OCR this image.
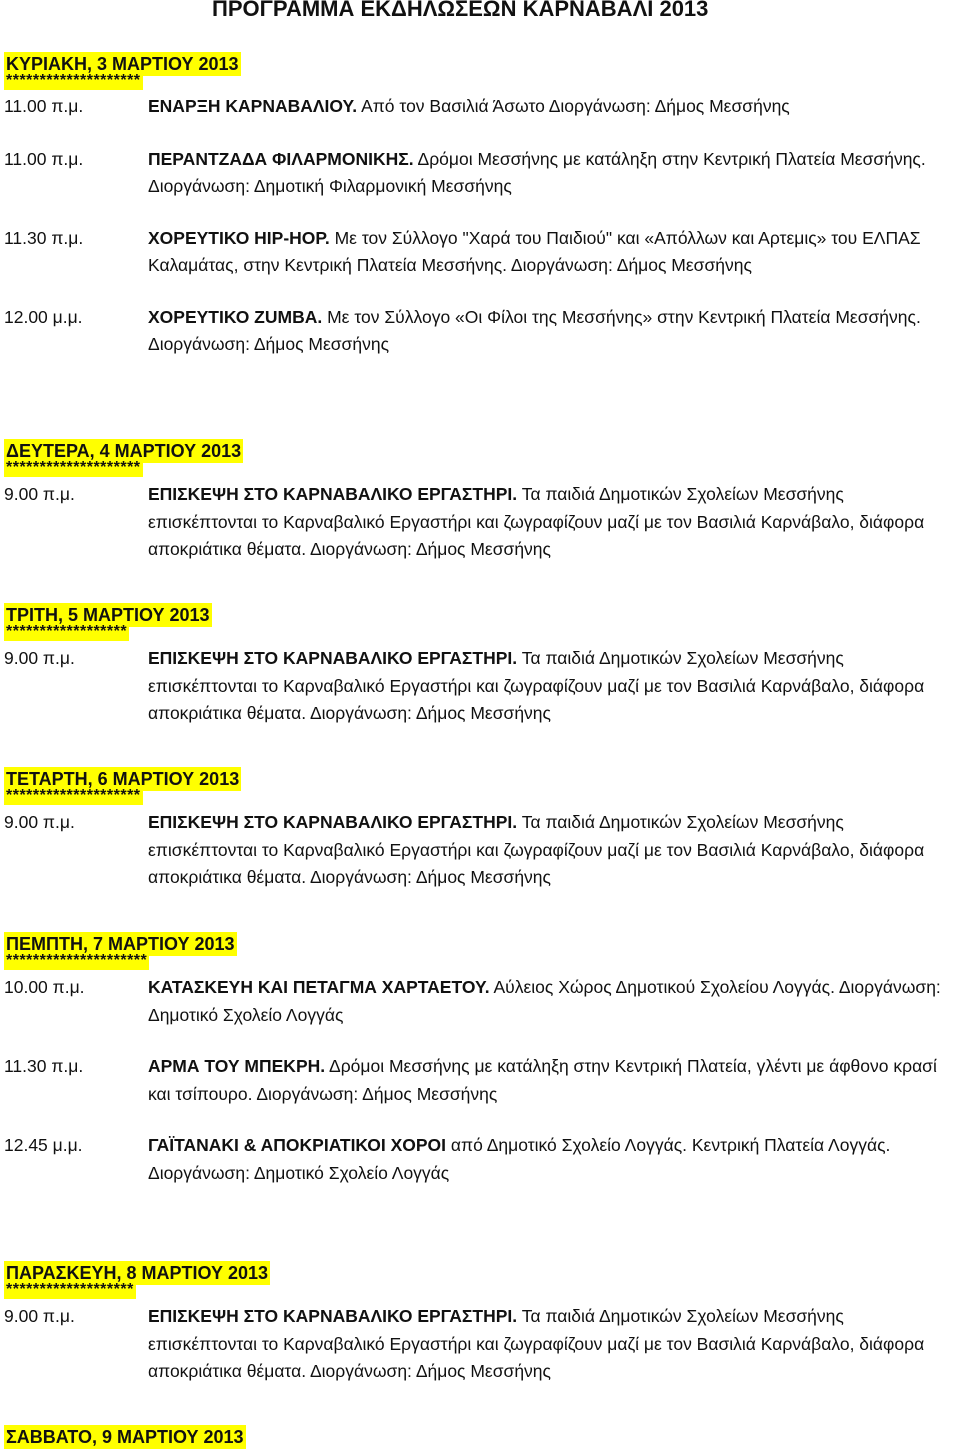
ΠΡΟΓΡΑΜΜΑ ΕΚΔΗΛΩΣΕΩΝ ΚΑΡΝΑΒΑΛΙ 2013
ΚΥΡΙΑΚΗ, 3 ΜΑΡΤΙΟΥ 2013
********************
11.00 π.μ.	ΕΝΑΡΞΗ ΚΑΡΝΑΒΑΛΙΟΥ. Από τον Βασιλιά Άσωτο Διοργάνωση: Δήμος Μεσσήνης
11.00 π.μ.	ΠΕΡΑΝΤΖΑΔΑ ΦΙΛΑΡΜΟΝΙΚΗΣ. Δρόμοι Μεσσήνης με κατάληξη στην Κεντρική Πλατεία Μεσσήνης. Διοργάνωση: Δημοτική Φιλαρμονική Μεσσήνης
11.30 π.μ.	ΧΟΡΕΥΤΙΚΟ HIP-HOP. Με τον Σύλλογο "Χαρά του Παιδιού" και «Απόλλων και Αρτεμις» του ΕΛΠΑΣ Καλαμάτας, στην Κεντρική Πλατεία Μεσσήνης. Διοργάνωση: Δήμος Μεσσήνης
12.00 μ.μ.	ΧΟΡΕΥΤΙΚΟ ZUMBA. Με τον Σύλλογο «Οι Φίλοι της Μεσσήνης» στην Κεντρική Πλατεία Μεσσήνης. Διοργάνωση: Δήμος Μεσσήνης
ΔΕΥΤΕΡΑ, 4 ΜΑΡΤΙΟΥ 2013
********************
9.00 π.μ.	ΕΠΙΣΚΕΨΗ ΣΤΟ ΚΑΡΝΑΒΑΛΙΚΟ ΕΡΓΑΣΤΗΡΙ. Τα παιδιά Δημοτικών Σχολείων Μεσσήνης επισκέπτονται το Καρναβαλικό Εργαστήρι και ζωγραφίζουν μαζί με τον Βασιλιά Καρνάβαλο, διάφορα αποκριάτικα θέματα. Διοργάνωση: Δήμος Μεσσήνης
ΤΡΙΤΗ, 5 ΜΑΡΤΙΟΥ 2013
******************
9.00 π.μ.	ΕΠΙΣΚΕΨΗ ΣΤΟ ΚΑΡΝΑΒΑΛΙΚΟ ΕΡΓΑΣΤΗΡΙ. Τα παιδιά Δημοτικών Σχολείων Μεσσήνης επισκέπτονται το Καρναβαλικό Εργαστήρι και ζωγραφίζουν μαζί με τον Βασιλιά Καρνάβαλο, διάφορα αποκριάτικα θέματα. Διοργάνωση: Δήμος Μεσσήνης
ΤΕΤΑΡΤΗ, 6 ΜΑΡΤΙΟΥ 2013
********************
9.00 π.μ.	ΕΠΙΣΚΕΨΗ ΣΤΟ ΚΑΡΝΑΒΑΛΙΚΟ ΕΡΓΑΣΤΗΡΙ. Τα παιδιά Δημοτικών Σχολείων Μεσσήνης επισκέπτονται το Καρναβαλικό Εργαστήρι και ζωγραφίζουν μαζί με τον Βασιλιά Καρνάβαλο, διάφορα αποκριάτικα θέματα. Διοργάνωση: Δήμος Μεσσήνης
ΠΕΜΠΤΗ, 7 ΜΑΡΤΙΟΥ 2013
*********************
10.00 π.μ.	ΚΑΤΑΣΚΕΥΗ ΚΑΙ ΠΕΤΑΓΜΑ ΧΑΡΤΑΕΤΟΥ. Αύλειος Χώρος Δημοτικού Σχολείου Λογγάς. Διοργάνωση: Δημοτικό Σχολείο Λογγάς
11.30 π.μ.	ΑΡΜΑ ΤΟΥ ΜΠΕΚΡΗ. Δρόμοι Μεσσήνης με κατάληξη στην Κεντρική Πλατεία, γλέντι με άφθονο κρασί και τσίπουρο. Διοργάνωση: Δήμος Μεσσήνης
12.45 μ.μ.	ΓΑΪΤΑΝΑΚΙ & ΑΠΟΚΡΙΑΤΙΚΟΙ ΧΟΡΟΙ από Δημοτικό Σχολείο Λογγάς. Κεντρική Πλατεία Λογγάς. Διοργάνωση: Δημοτικό Σχολείο Λογγάς
ΠΑΡΑΣΚΕΥΗ, 8 ΜΑΡΤΙΟΥ 2013
*******************
9.00 π.μ.	ΕΠΙΣΚΕΨΗ ΣΤΟ ΚΑΡΝΑΒΑΛΙΚΟ ΕΡΓΑΣΤΗΡΙ. Τα παιδιά Δημοτικών Σχολείων Μεσσήνης επισκέπτονται το Καρναβαλικό Εργαστήρι και ζωγραφίζουν μαζί με τον Βασιλιά Καρνάβαλο, διάφορα αποκριάτικα θέματα. Διοργάνωση: Δήμος Μεσσήνης
ΣΑΒΒΑΤΟ, 9 ΜΑΡΤΙΟΥ 2013
